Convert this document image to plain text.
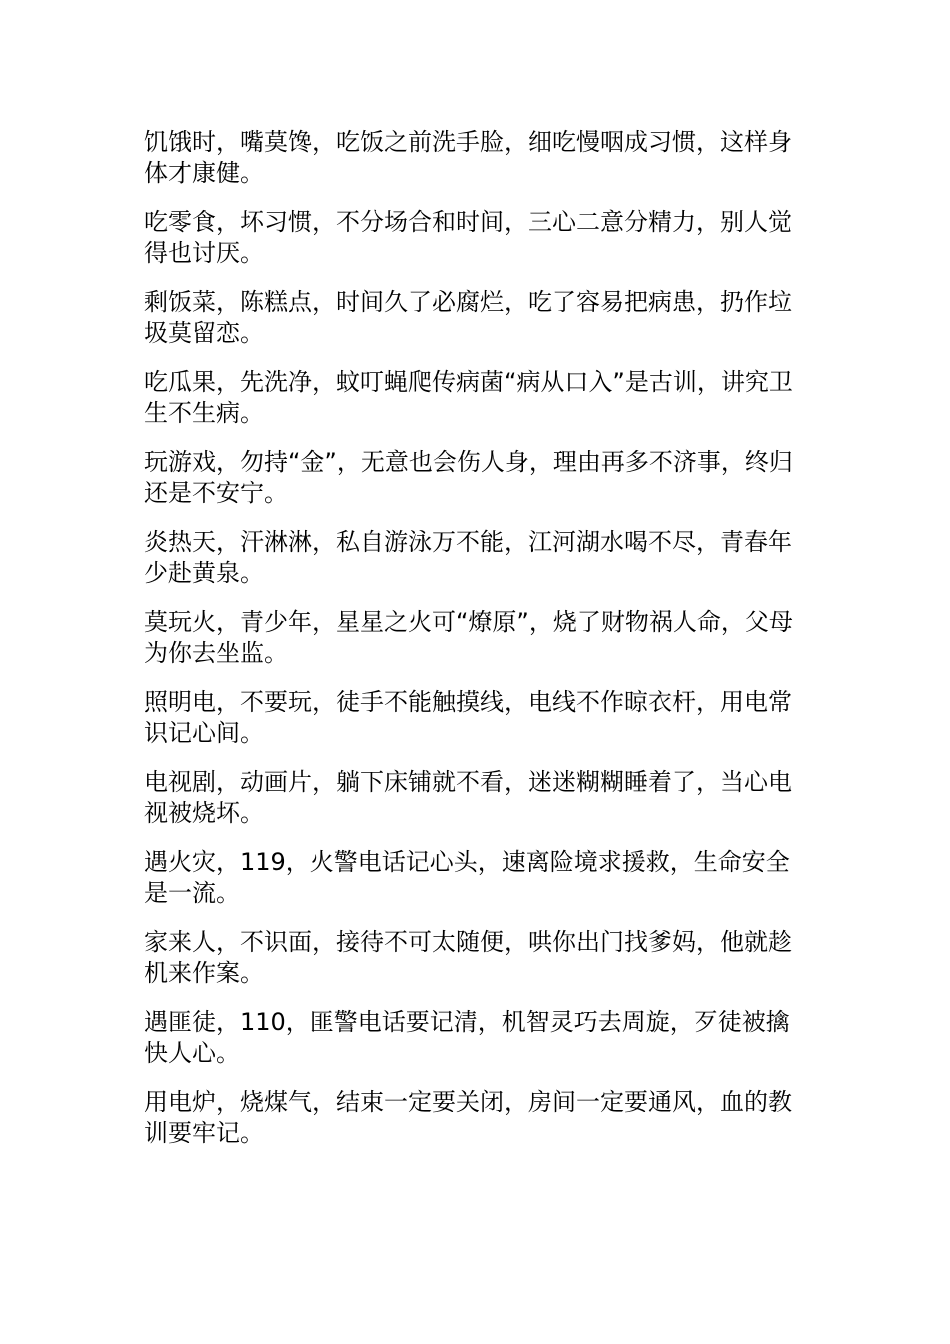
饥饿时，嘴莫馋，吃饭之前洗手脸，细吃慢咽成习惯，这样身体才康健。

吃零食，坏习惯，不分场合和时间，三心二意分精力，别人觉得也讨厌。

剩饭菜，陈糕点，时间久了必腐烂，吃了容易把病患，扔作垃圾莫留恋。

吃瓜果，先洗净，蚊叮蝇爬传病菌“病从口入”是古训，讲究卫生不生病。

玩游戏，勿持“金”，无意也会伤人身，理由再多不济事，终归还是不安宁。

炎热天，汗淋淋，私自游泳万不能，江河湖水喝不尽，青春年少赴黄泉。

莫玩火，青少年，星星之火可“燎原”，烧了财物祸人命，父母为你去坐监。

照明电，不要玩，徒手不能触摸线，电线不作晾衣杆，用电常识记心间。

电视剧，动画片，躺下床铺就不看，迷迷糊糊睡着了，当心电视被烧坏。

遇火灾，119，火警电话记心头，速离险境求援救，生命安全是一流。

家来人，不识面，接待不可太随便，哄你出门找爹妈，他就趁机来作案。

遇匪徒，110，匪警电话要记清，机智灵巧去周旋，歹徒被擒快人心。

用电炉，烧煤气，结束一定要关闭，房间一定要通风，血的教训要牢记。
